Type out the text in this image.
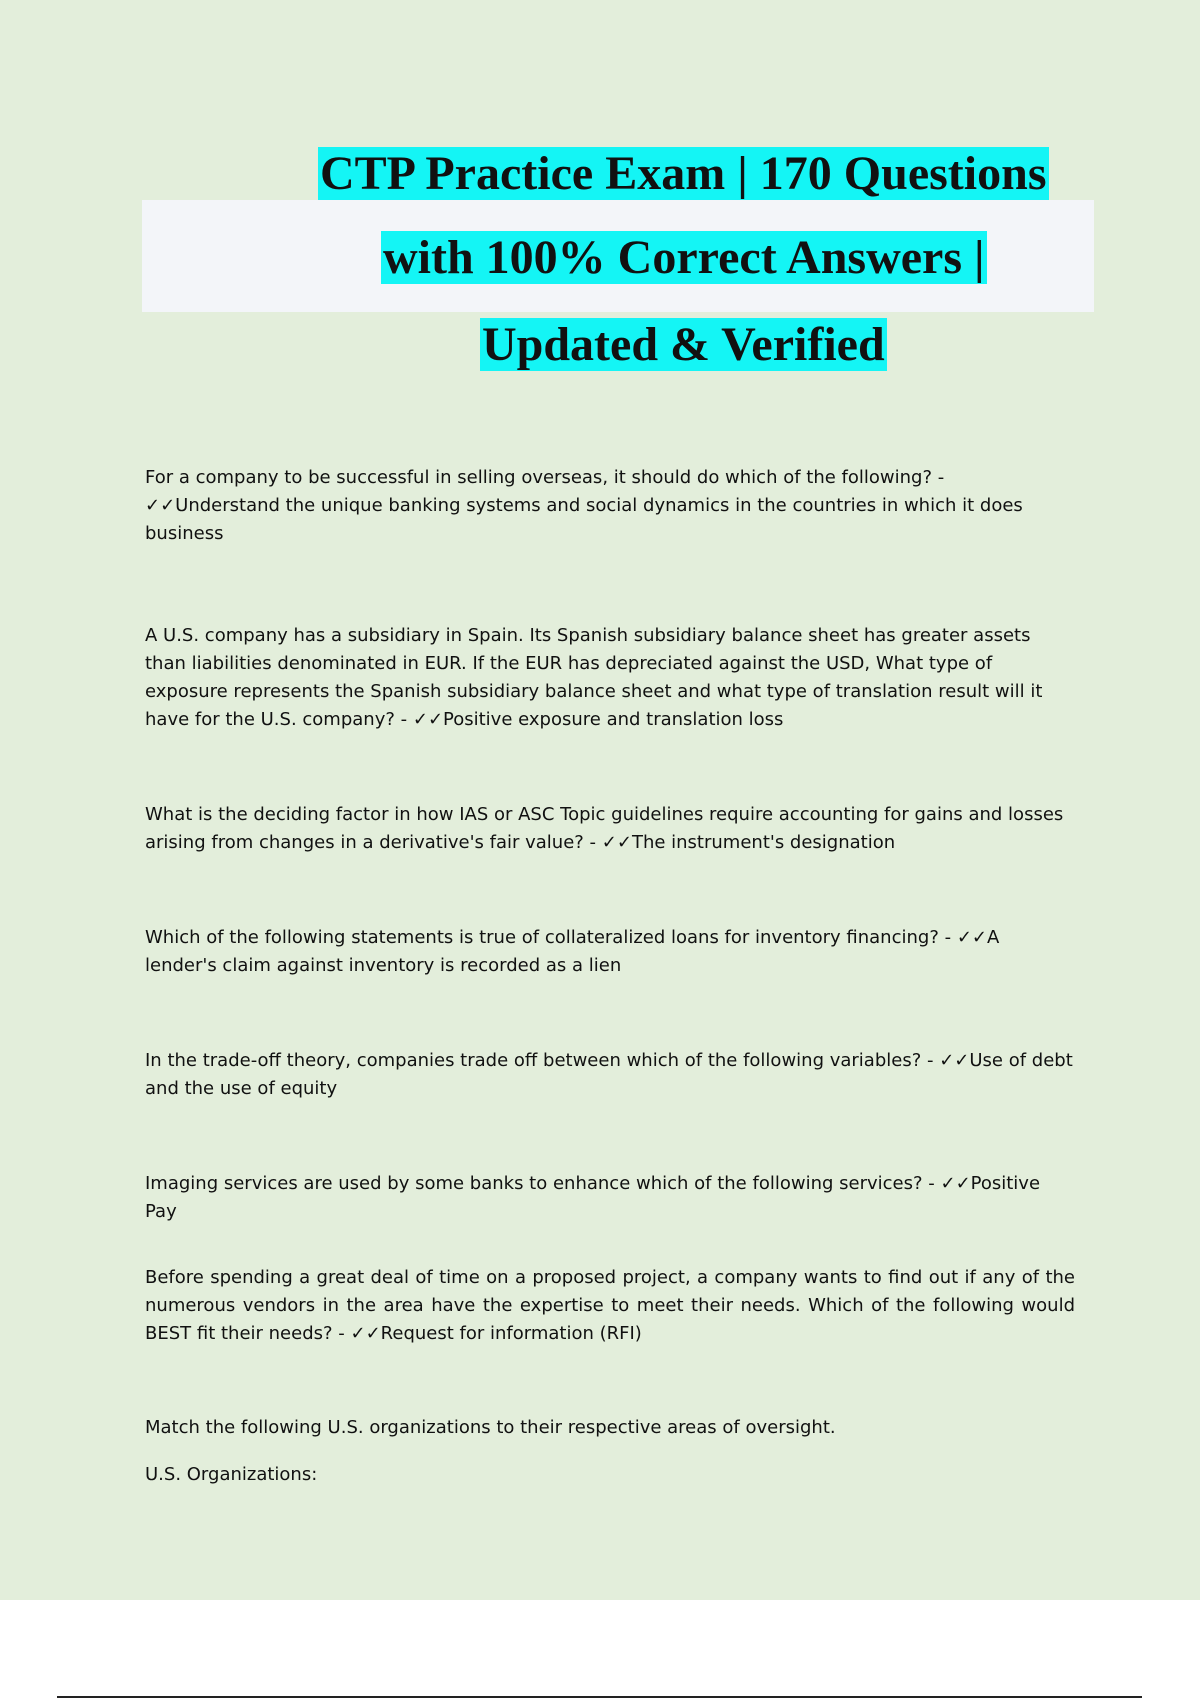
CTP Practice Exam | 170 Questions
with 100% Correct Answers |
Updated & Verified

For a company to be successful in selling overseas, it should do which of the following? -
✓✓Understand the unique banking systems and social dynamics in the countries in which it does business

A U.S. company has a subsidiary in Spain. Its Spanish subsidiary balance sheet has greater assets than liabilities denominated in EUR. If the EUR has depreciated against the USD, What type of exposure represents the Spanish subsidiary balance sheet and what type of translation result will it have for the U.S. company? - ✓✓Positive exposure and translation loss

What is the deciding factor in how IAS or ASC Topic guidelines require accounting for gains and losses arising from changes in a derivative's fair value? - ✓✓The instrument's designation

Which of the following statements is true of collateralized loans for inventory financing? - ✓✓A lender's claim against inventory is recorded as a lien

In the trade-off theory, companies trade off between which of the following variables? - ✓✓Use of debt and the use of equity

Imaging services are used by some banks to enhance which of the following services? - ✓✓Positive Pay

Before spending a great deal of time on a proposed project, a company wants to find out if any of the numerous vendors in the area have the expertise to meet their needs. Which of the following would BEST fit their needs? - ✓✓Request for information (RFI)

Match the following U.S. organizations to their respective areas of oversight.

U.S. Organizations:
